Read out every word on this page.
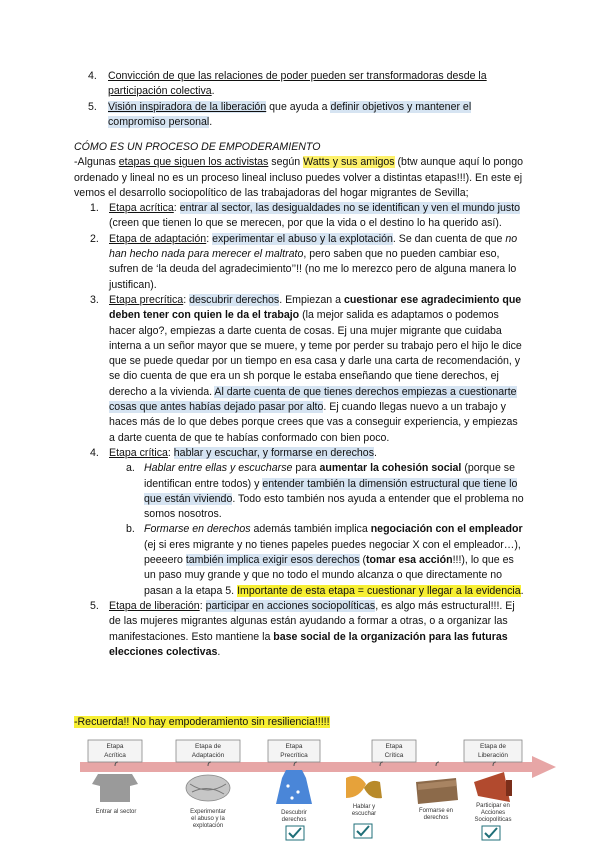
4. Convicción de que las relaciones de poder pueden ser transformadoras desde la participación colectiva.
5. Visión inspiradora de la liberación que ayuda a definir objetivos y mantener el compromiso personal.
CÓMO ES UN PROCESO DE EMPODERAMIENTO
-Algunas etapas que siguen los activistas según Watts y sus amigos (btw aunque aquí lo pongo ordenado y lineal no es un proceso lineal incluso puedes volver a distintas etapas!!!). En este ej vemos el desarrollo sociopolítico de las trabajadoras del hogar migrantes de Sevilla;
1. Etapa acrítica: entrar al sector, las desigualdades no se identifican y ven el mundo justo (creen que tienen lo que se merecen, por que la vida o el destino lo ha querido así).
2. Etapa de adaptación: experimentar el abuso y la explotación. Se dan cuenta de que no han hecho nada para merecer el maltrato, pero saben que no pueden cambiar eso, sufren de ‘la deuda del agradecimiento’’!! (no me lo merezco pero de alguna manera lo justifican).
3. Etapa precrítica: descubrir derechos. Empiezan a cuestionar ese agradecimiento que deben tener con quien le da el trabajo (la mejor salida es adaptamos o podemos hacer algo?, empiezas a darte cuenta de cosas. Ej una mujer migrante que cuidaba interna a un señor mayor que se muere, y teme por perder su trabajo pero el hijo le dice que se puede quedar por un tiempo en esa casa y darle una carta de recomendación, y se dio cuenta de que era un sh porque le estaba enseñando que tiene derechos, ej derecho a la vivienda. Al darte cuenta de que tienes derechos empiezas a cuestionarte cosas que antes habías dejado pasar por alto. Ej cuando llegas nuevo a un trabajo y haces más de lo que debes porque crees que vas a conseguir experiencia, y empiezas a darte cuenta de que te habías conformado con bien poco.
4. Etapa crítica: hablar y escuchar, y formarse en derechos.
a. Hablar entre ellas y escucharse para aumentar la cohesión social (porque se identifican entre todos) y entender también la dimensión estructural que tiene lo que están viviendo. Todo esto también nos ayuda a entender que el problema no somos nosotros.
b. Formarse en derechos además también implica negociación con el empleador (ej si eres migrante y no tienes papeles puedes negociar X con el empleador…), peeeero también implica exigir esos derechos (tomar esa acción!!!), lo que es un paso muy grande y que no todo el mundo alcanza o que directamente no pasan a la etapa 5. Importante de esta etapa = cuestionar y llegar a la evidencia.
5. Etapa de liberación: participar en acciones sociopolíticas, es algo más estructural!!!. Ej de las mujeres migrantes algunas están ayudando a formar a otras, o a organizar las manifestaciones. Esto mantiene la base social de la organización para las futuras elecciones colectivas.
-Recuerda!! No hay empoderamiento sin resiliencia!!!!!
Etapa
Acrítica
Etapa de
Adaptación
Etapa
Precrítica
Etapa
Crítica
Etapa de
Liberación
Entrar al sector	Experimentar
el abuso y la
explotación
Descubrir
derechos
Hablar y
escuchar	Formarse en
derechos
Participar en
Acciones
Sociopolíticas
